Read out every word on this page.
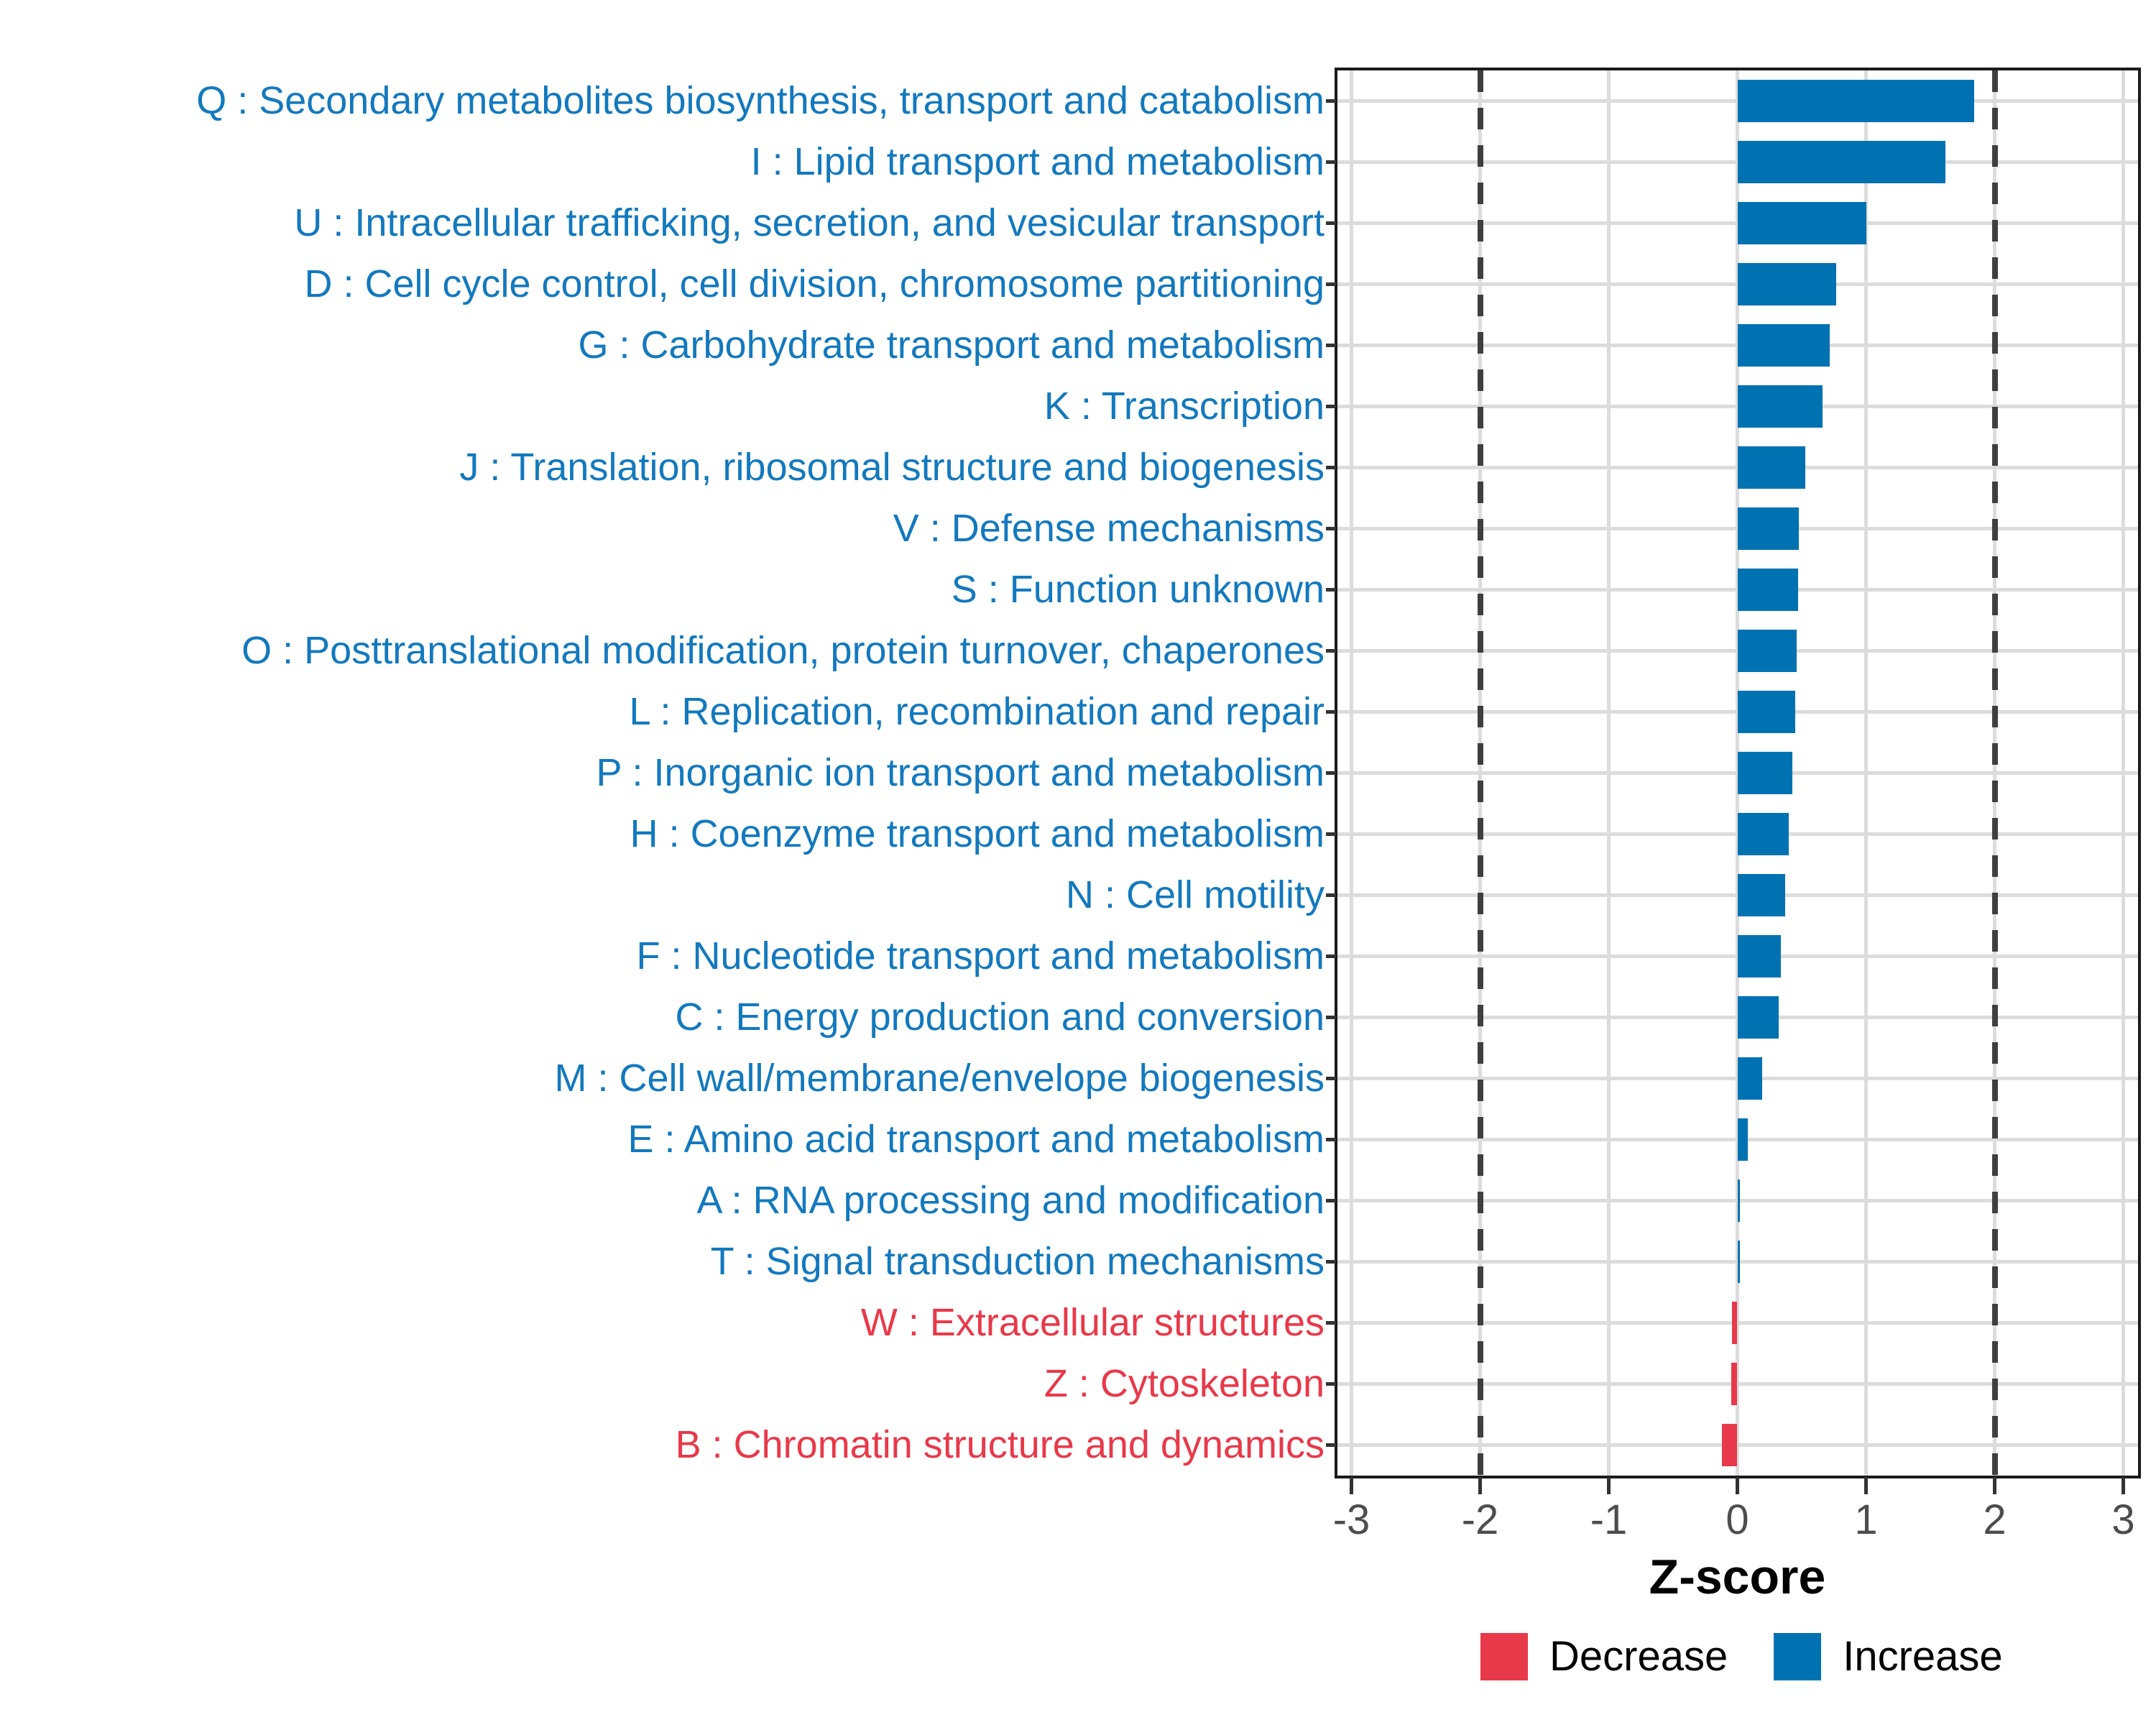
Q : Secondary metabolites biosynthesis, transport and catabolism
I : Lipid transport and metabolism
U : Intracellular trafficking, secretion, and vesicular transport
D : Cell cycle control, cell division, chromosome partitioning
G : Carbohydrate transport and metabolism
K : Transcription
J : Translation, ribosomal structure and biogenesis
V : Defense mechanisms
S : Function unknown
O : Posttranslational modification, protein turnover, chaperones
L : Replication, recombination and repair
P : Inorganic ion transport and metabolism
H : Coenzyme transport and metabolism
N : Cell motility
F : Nucleotide transport and metabolism
C : Energy production and conversion
M : Cell wall/membrane/envelope biogenesis
E : Amino acid transport and metabolism
A : RNA processing and modification
T : Signal transduction mechanisms
W : Extracellular structures
Z : Cytoskeleton
B : Chromatin structure and dynamics
-3	-2	-1	0	1	2	3
Z-score
Decrease	Increase
